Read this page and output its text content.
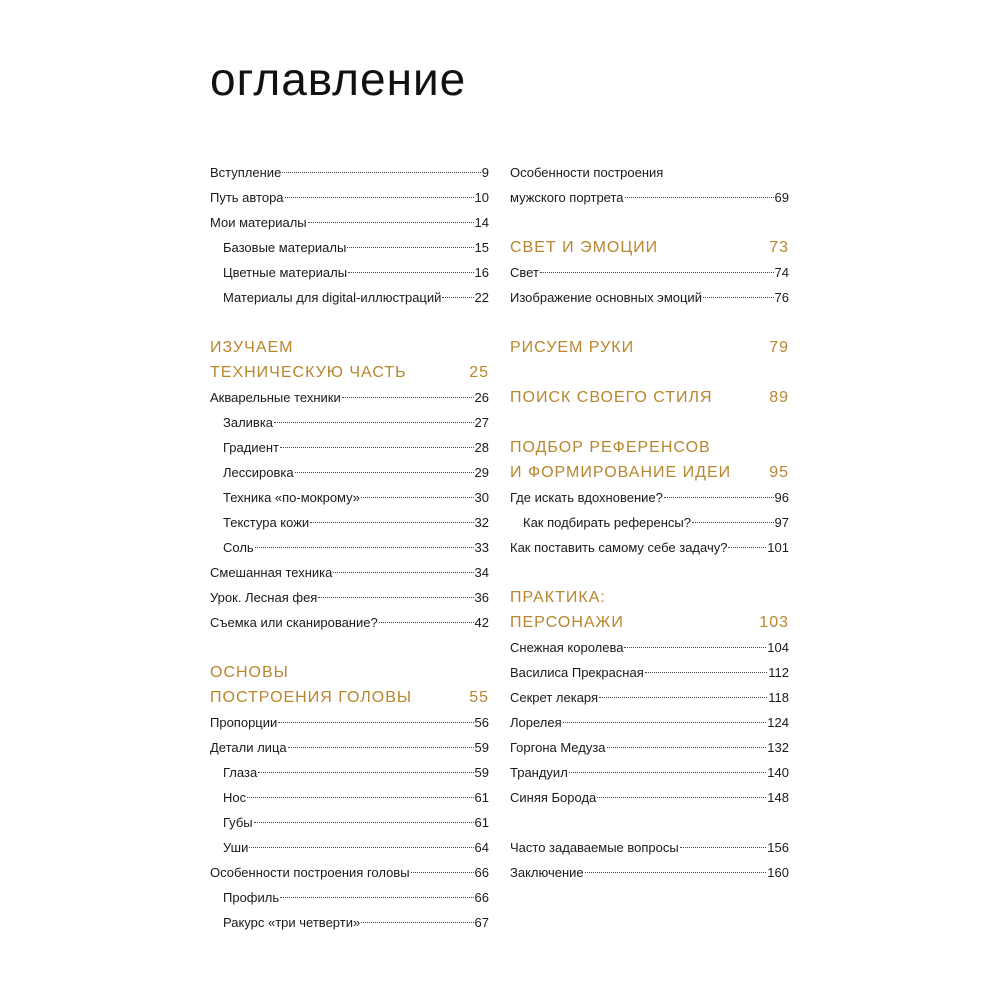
оглавление
Вступление	9
Путь автора	10
Мои материалы	14
Базовые материалы	15
Цветные материалы	16
Материалы для digital-иллюстраций	22
ИЗУЧАЕМ
ТЕХНИЧЕСКУЮ ЧАСТЬ	25
Акварельные техники	26
Заливка	27
Градиент	28
Лессировка	29
Техника «по-мокрому»	30
Текстура кожи	32
Соль	33
Смешанная техника	34
Урок. Лесная фея	36
Съемка или сканирование?	42
ОСНОВЫ
ПОСТРОЕНИЯ ГОЛОВЫ	55
Пропорции	56
Детали лица	59
Глаза	59
Нос	61
Губы	61
Уши	64
Особенности построения головы	66
Профиль	66
Ракурс «три четверти»	67
Особенности построения
мужского портрета	69
СВЕТ И ЭМОЦИИ	73
Свет	74
Изображение основных эмоций	76
РИСУЕМ РУКИ	79
ПОИСК СВОЕГО СТИЛЯ	89
ПОДБОР РЕФЕРЕНСОВ
И ФОРМИРОВАНИЕ ИДЕИ 95
Где искать вдохновение?	96
Как подбирать референсы?	97
Как поставить самому себе задачу?	101
ПРАКТИКА:
ПЕРСОНАЖИ	103
Снежная королева	104
Василиса Прекрасная	112
Секрет лекаря	118
Лорелея	124
Горгона Медуза	132
Трандуил	140
Синяя Борода	148
Часто задаваемые вопросы	156
Заключение	160
